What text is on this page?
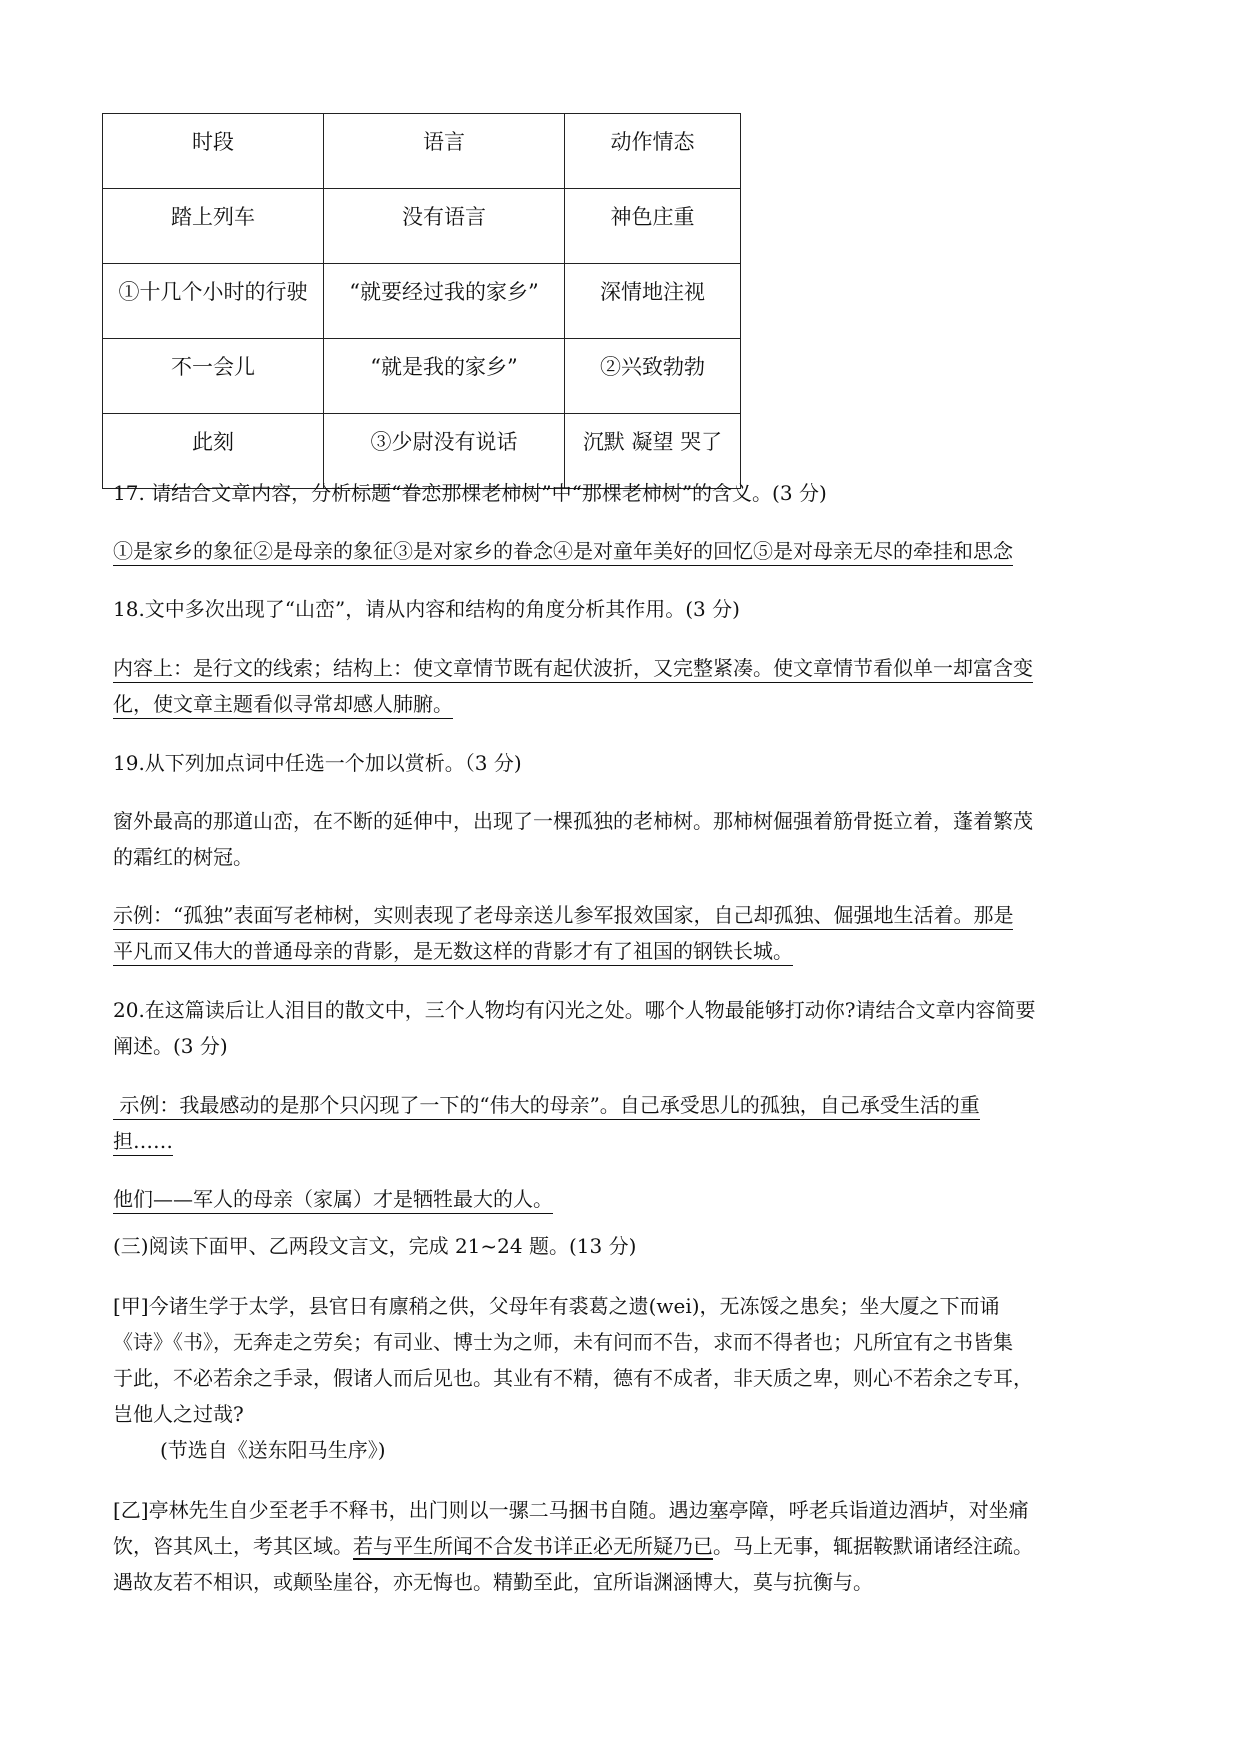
时段	语言	动作情态
踏上列车	没有语言	神色庄重
①十几个小时的行驶	“就要经过我的家乡”	深情地注视
不一会儿	“就是我的家乡”	②兴致勃勃
此刻	③少尉没有说话	沉默 凝望 哭了
17. 请结合文章内容，分析标题“眷恋那棵老柿树”中“那棵老柿树”的含义。(3 分)
①是家乡的象征②是母亲的象征③是对家乡的眷念④是对童年美好的回忆⑤是对母亲无尽的牵挂和思念
18.文中多次出现了“山峦”，请从内容和结构的角度分析其作用。(3 分)
内容上：是行文的线索；结构上：使文章情节既有起伏波折，又完整紧凑。使文章情节看似单一却富含变
化，使文章主题看似寻常却感人肺腑。
19.从下列加点词中任选一个加以赏析。（3 分)
窗外最高的那道山峦，在不断的延伸中，出现了一棵孤独的老柿树。那柿树倔强着筋骨挺立着，蓬着繁茂
的霜红的树冠。
示例：“孤独”表面写老柿树，实则表现了老母亲送儿参军报效国家，自己却孤独、倔强地生活着。那是
平凡而又伟大的普通母亲的背影，是无数这样的背影才有了祖国的钢铁长城。
20.在这篇读后让人泪目的散文中，三个人物均有闪光之处。哪个人物最能够打动你?请结合文章内容简要
阐述。(3 分)
示例：我最感动的是那个只闪现了一下的“伟大的母亲”。自己承受思儿的孤独，自己承受生活的重
担……
他们——军人的母亲（家属）才是牺牲最大的人。
(三)阅读下面甲、乙两段文言文，完成 21~24 题。(13 分)
[甲]今诸生学于太学，县官日有廪稍之供，父母年有裘葛之遗(wei)，无冻馁之患矣；坐大厦之下而诵
《诗》《书》，无奔走之劳矣；有司业、博士为之师，未有问而不告，求而不得者也；凡所宜有之书皆集
于此，不必若余之手录，假诸人而后见也。其业有不精，德有不成者，非天质之卑，则心不若余之专耳，
岂他人之过哉?
(节选自《送东阳马生序》)
[乙]亭林先生自少至老手不释书，出门则以一骡二马捆书自随。遇边塞亭障，呼老兵诣道边酒垆，对坐痛
饮，咨其风土，考其区域。若与平生所闻不合发书详正必无所疑乃已。马上无事，辄据鞍默诵诸经注疏。
遇故友若不相识，或颠坠崖谷，亦无悔也。精勤至此，宜所诣渊涵博大，莫与抗衡与。
